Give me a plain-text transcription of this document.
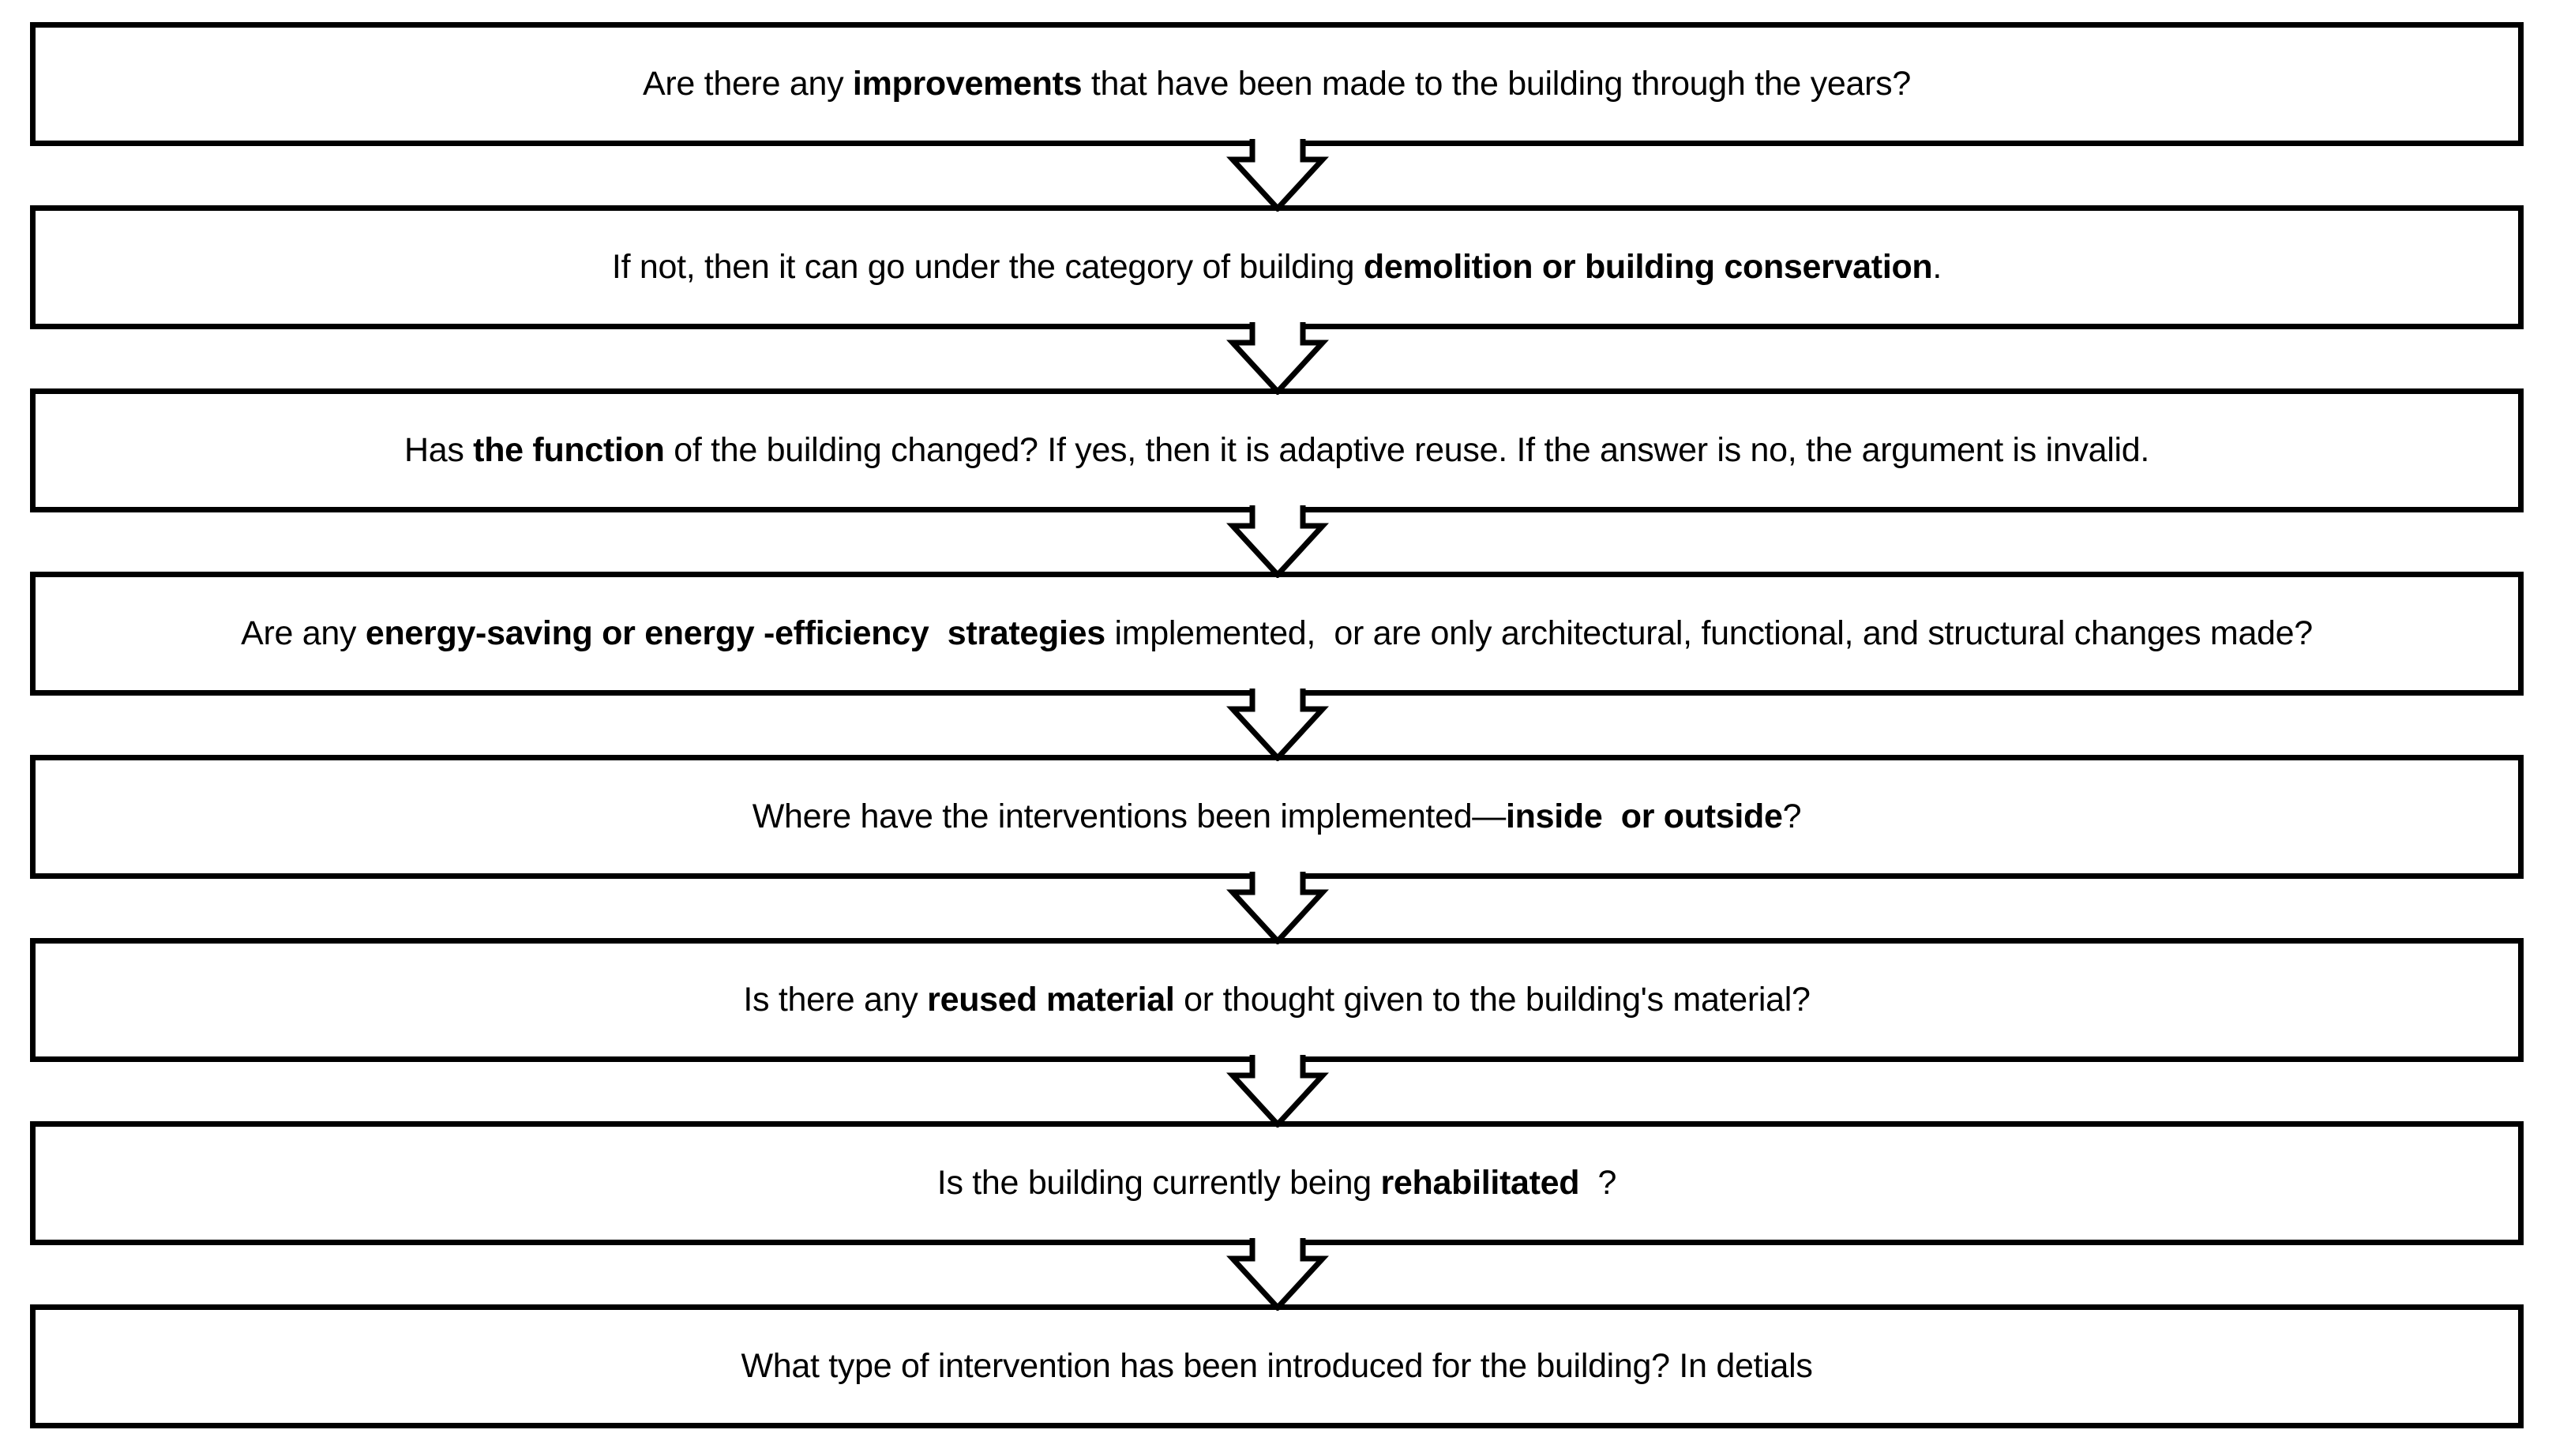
Are there any improvements that have been made to the building through the years?
If not, then it can go under the category of building demolition or building conservation.
Has the function of the building changed? If yes, then it is adaptive reuse. If the answer is no, the argument is invalid.
Are any energy-saving or energy -efficiency  strategies implemented,  or are only architectural, functional, and structural changes made?
Where have the interventions been implemented—inside  or outside?
Is there any reused material or thought given to the building's material?
Is the building currently being rehabilitated  ?
What type of intervention has been introduced for the building? In detials
